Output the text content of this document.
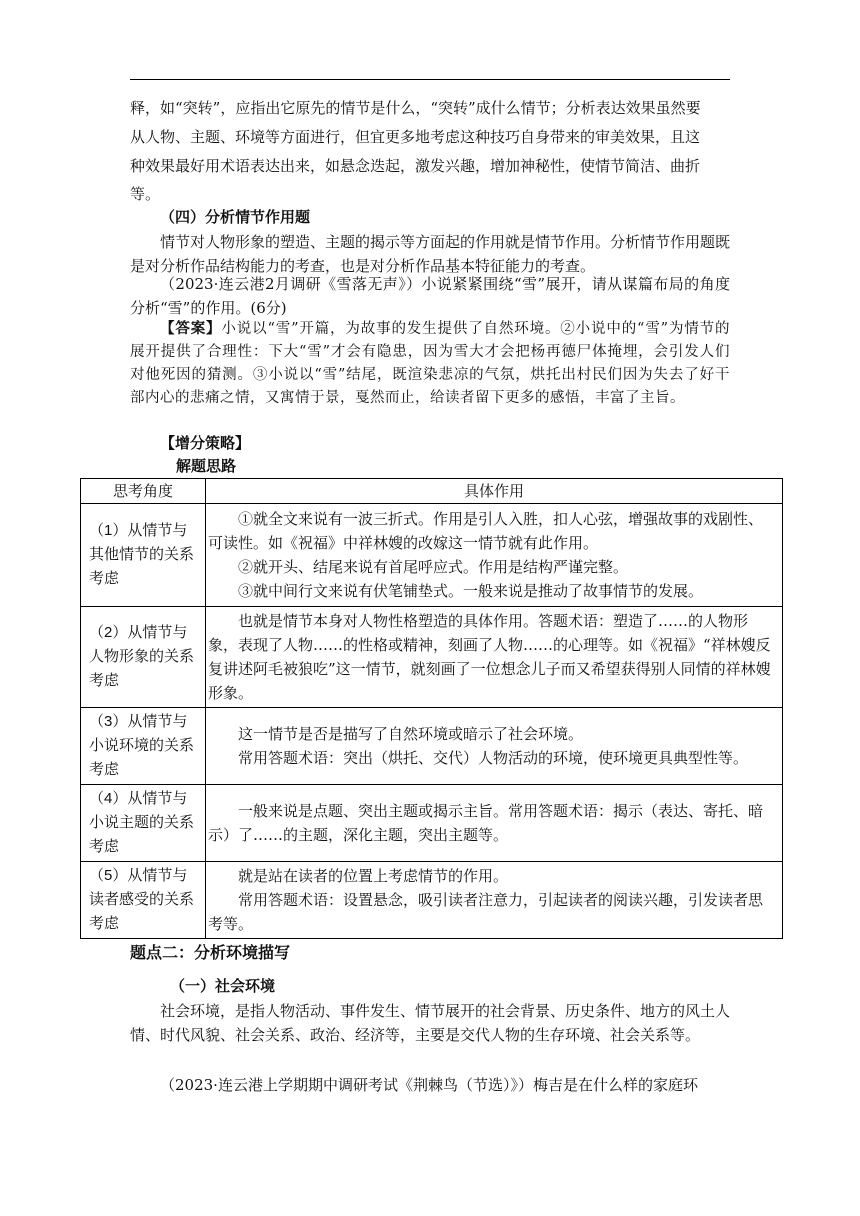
释，如“突转”，应指出它原先的情节是什么，“突转”成什么情节；分析表达效果虽然要

从人物、主题、环境等方面进行，但宜更多地考虑这种技巧自身带来的审美效果，且这

种效果最好用术语表达出来，如悬念迭起，激发兴趣，增加神秘性，使情节简洁、曲折

等。

（四）分析情节作用题

情节对人物形象的塑造、主题的揭示等方面起的作用就是情节作用。分析情节作用题既是对分析作品结构能力的考查，也是对分析作品基本特征能力的考查。

（2023·连云港2月调研《雪落无声》）小说紧紧围绕“雪”展开，请从谋篇布局的角度分析“雪”的作用。(6分)

【答案】小说以“雪”开篇，为故事的发生提供了自然环境。②小说中的“雪”为情节的展开提供了合理性：下大“雪”才会有隐患，因为雪大才会把杨再德尸体掩埋，会引发人们对他死因的猜测。③小说以“雪”结尾，既渲染悲凉的气氛，烘托出村民们因为失去了好干部内心的悲痛之情，又寓情于景，戛然而止，给读者留下更多的感悟，丰富了主旨。

【增分策略】

解题思路

思考角度	具体作用
（1）从情节与其他情节的关系考虑	①就全文来说有一波三折式。作用是引人入胜，扣人心弦，增强故事的戏剧性、可读性。如《祝福》中祥林嫂的改嫁这一情节就有此作用。

②就开头、结尾来说有首尾呼应式。作用是结构严谨完整。

③就中间行文来说有伏笔铺垫式。一般来说是推动了故事情节的发展。

（2）从情节与人物形象的关系考虑	也就是情节本身对人物性格塑造的具体作用。答题术语：塑造了……的人物形象，表现了人物……的性格或精神，刻画了人物……的心理等。如《祝福》“祥林嫂反复讲述阿毛被狼吃”这一情节，就刻画了一位想念儿子而又希望获得别人同情的祥林嫂形象。

（3）从情节与小说环境的关系考虑	这一情节是否是描写了自然环境或暗示了社会环境。

常用答题术语：突出（烘托、交代）人物活动的环境，使环境更具典型性等。

（4）从情节与小说主题的关系考虑	一般来说是点题、突出主题或揭示主旨。常用答题术语：揭示（表达、寄托、暗示）了……的主题，深化主题，突出主题等。

（5）从情节与读者感受的关系考虑	就是站在读者的位置上考虑情节的作用。

常用答题术语：设置悬念，吸引读者注意力，引起读者的阅读兴趣，引发读者思考等。

题点二：分析环境描写

（一）社会环境

社会环境，是指人物活动、事件发生、情节展开的社会背景、历史条件、地方的风土人情、时代风貌、社会关系、政治、经济等，主要是交代人物的生存环境、社会关系等。

（2023·连云港上学期期中调研考试《荆棘鸟（节选）》）梅吉是在什么样的家庭环
